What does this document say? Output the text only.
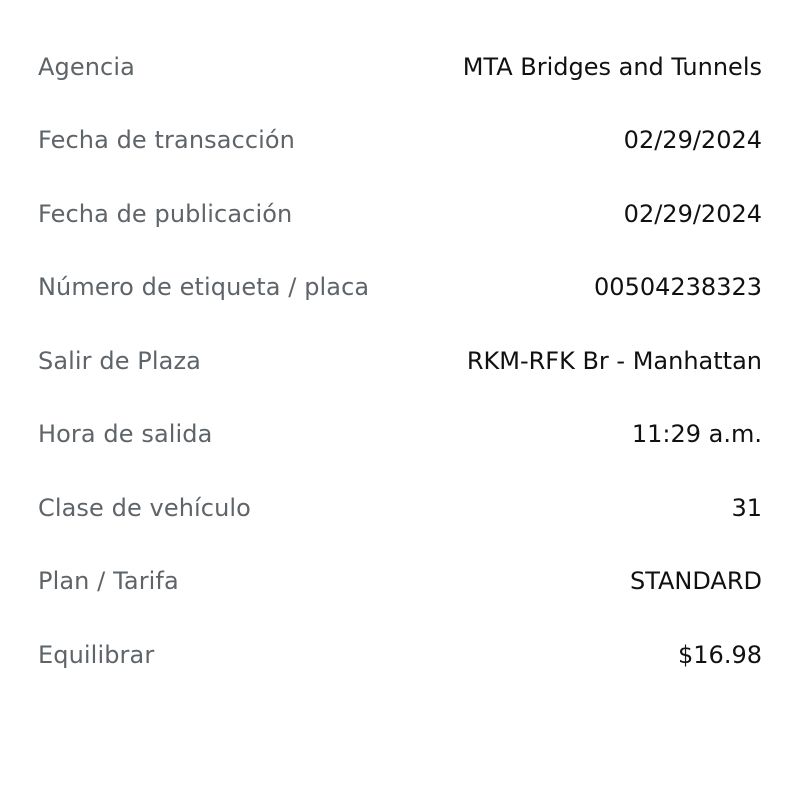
Agencia	MTA Bridges and Tunnels
Fecha de transacción	02/29/2024
Fecha de publicación	02/29/2024
Número de etiqueta / placa	00504238323
Salir de Plaza	RKM-RFK Br - Manhattan
Hora de salida	11:29 a.m.
Clase de vehículo	31
Plan / Tarifa	STANDARD
Equilibrar	$16.98
